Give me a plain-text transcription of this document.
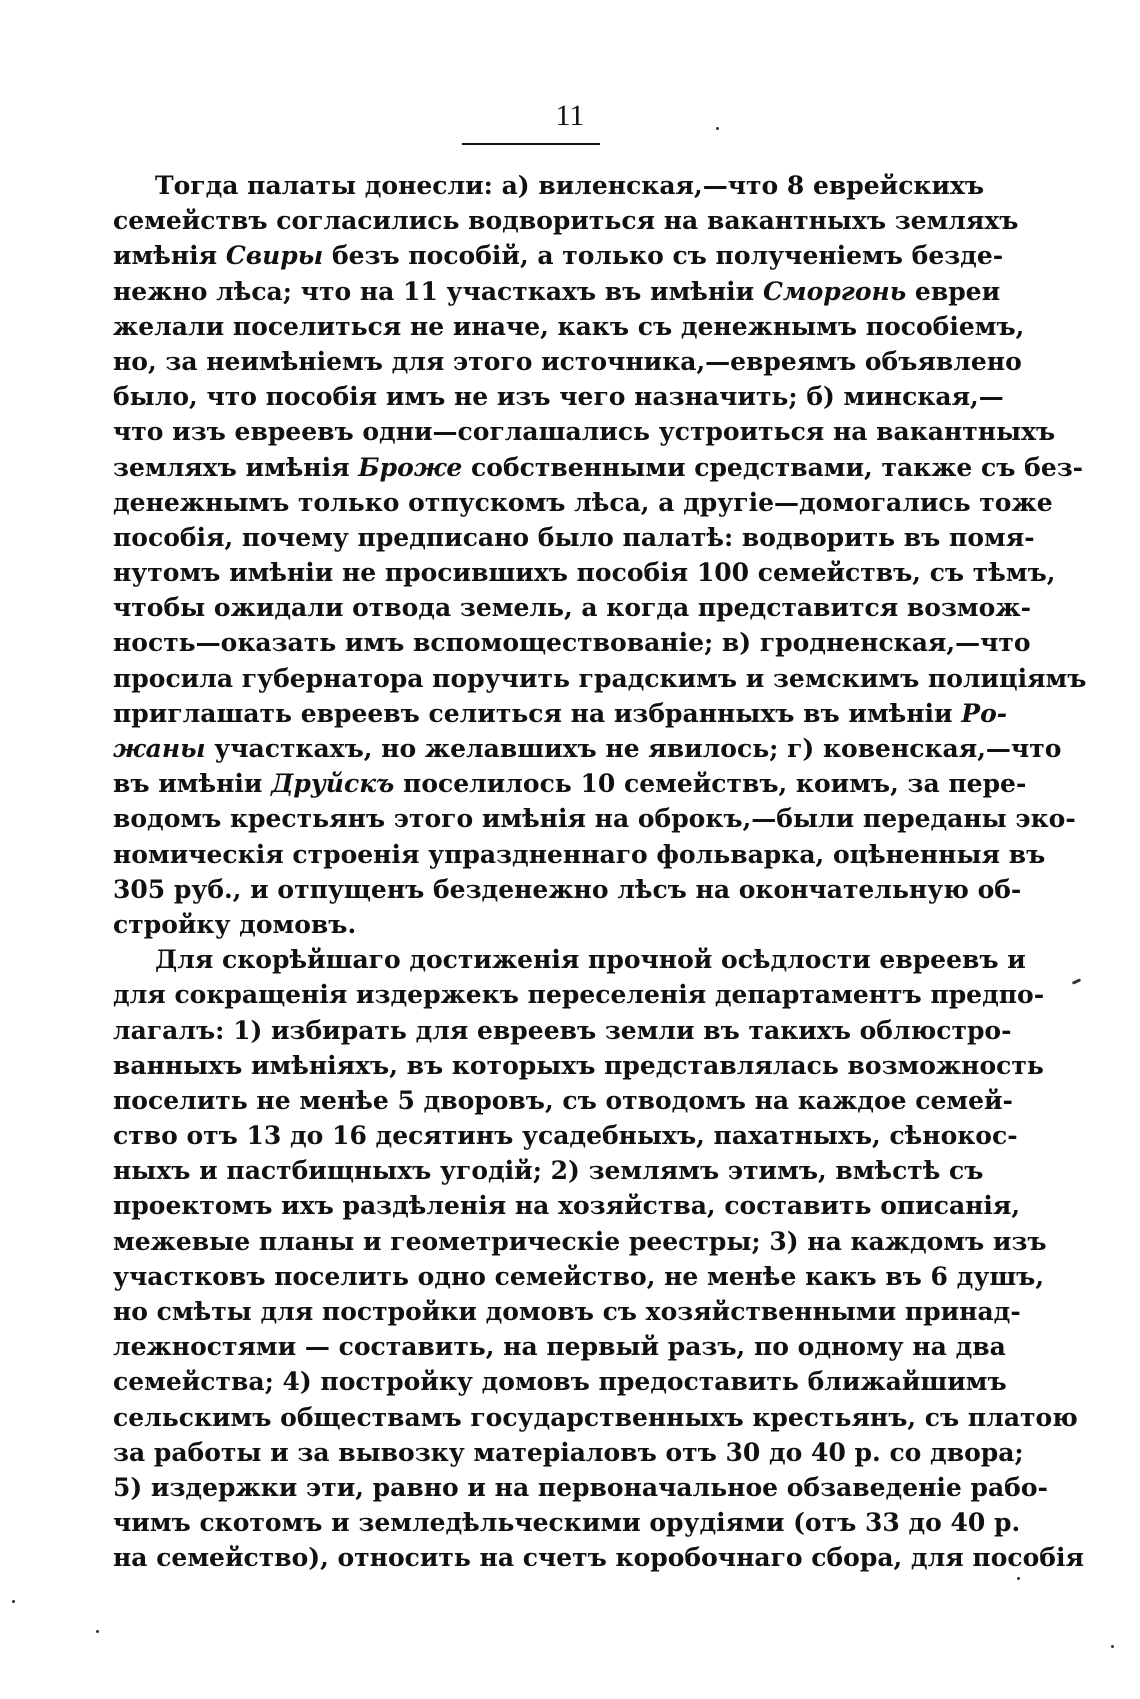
11
Тогда палаты донесли: а) виленская,—что 8 еврейскихъ
семействъ согласились водвориться на вакантныхъ земляхъ
имѣнія Свиры безъ пособій, а только съ полученіемъ безде-
нежно лѣса; что на 11 участкахъ въ имѣніи Сморгонь евреи
желали поселиться не иначе, какъ съ денежнымъ пособіемъ,
но, за неимѣніемъ для этого источника,—евреямъ объявлено
было, что пособія имъ не изъ чего назначить; б) минская,—
что изъ евреевъ одни—соглашались устроиться на вакантныхъ
земляхъ имѣнія Броже собственными средствами, также съ без-
денежнымъ только отпускомъ лѣса, а другіе—домогались тоже
пособія, почему предписано было палатѣ: водворить въ помя-
нутомъ имѣніи не просившихъ пособія 100 семействъ, съ тѣмъ,
чтобы ожидали отвода земель, а когда представится возмож-
ность—оказать имъ вспомоществованіе; в) гродненская,—что
просила губернатора поручить градскимъ и земскимъ полиціямъ
приглашать евреевъ селиться на избранныхъ въ имѣніи Ро-
жаны участкахъ, но желавшихъ не явилось; г) ковенская,—что
въ имѣніи Друйскъ поселилось 10 семействъ, коимъ, за пере-
водомъ крестьянъ этого имѣнія на оброкъ,—были переданы эко-
номическія строенія упраздненнаго фольварка, оцѣненныя въ
305 руб., и отпущенъ безденежно лѣсъ на окончательную об-
стройку домовъ.
Для скорѣйшаго достиженія прочной осѣдлости евреевъ и
для сокращенія издержекъ переселенія департаментъ предпо-
лагалъ: 1) избирать для евреевъ земли въ такихъ облюстро-
ванныхъ имѣніяхъ, въ которыхъ представлялась возможность
поселить не менѣе 5 дворовъ, съ отводомъ на каждое семей-
ство отъ 13 до 16 десятинъ усадебныхъ, пахатныхъ, сѣнокос-
ныхъ и пастбищныхъ угодій; 2) землямъ этимъ, вмѣстѣ съ
проектомъ ихъ раздѣленія на хозяйства, составить описанія,
межевые планы и геометрическіе реестры; 3) на каждомъ изъ
участковъ поселить одно семейство, не менѣе какъ въ 6 душъ,
но смѣты для постройки домовъ съ хозяйственными принад-
лежностями — составить, на первый разъ, по одному на два
семейства; 4) постройку домовъ предоставить ближайшимъ
сельскимъ обществамъ государственныхъ крестьянъ, съ платою
за работы и за вывозку матеріаловъ отъ 30 до 40 р. со двора;
5) издержки эти, равно и на первоначальное обзаведеніе рабо-
чимъ скотомъ и земледѣльческими орудіями (отъ 33 до 40 р.
на семейство), относить на счетъ коробочнаго сбора, для пособія
